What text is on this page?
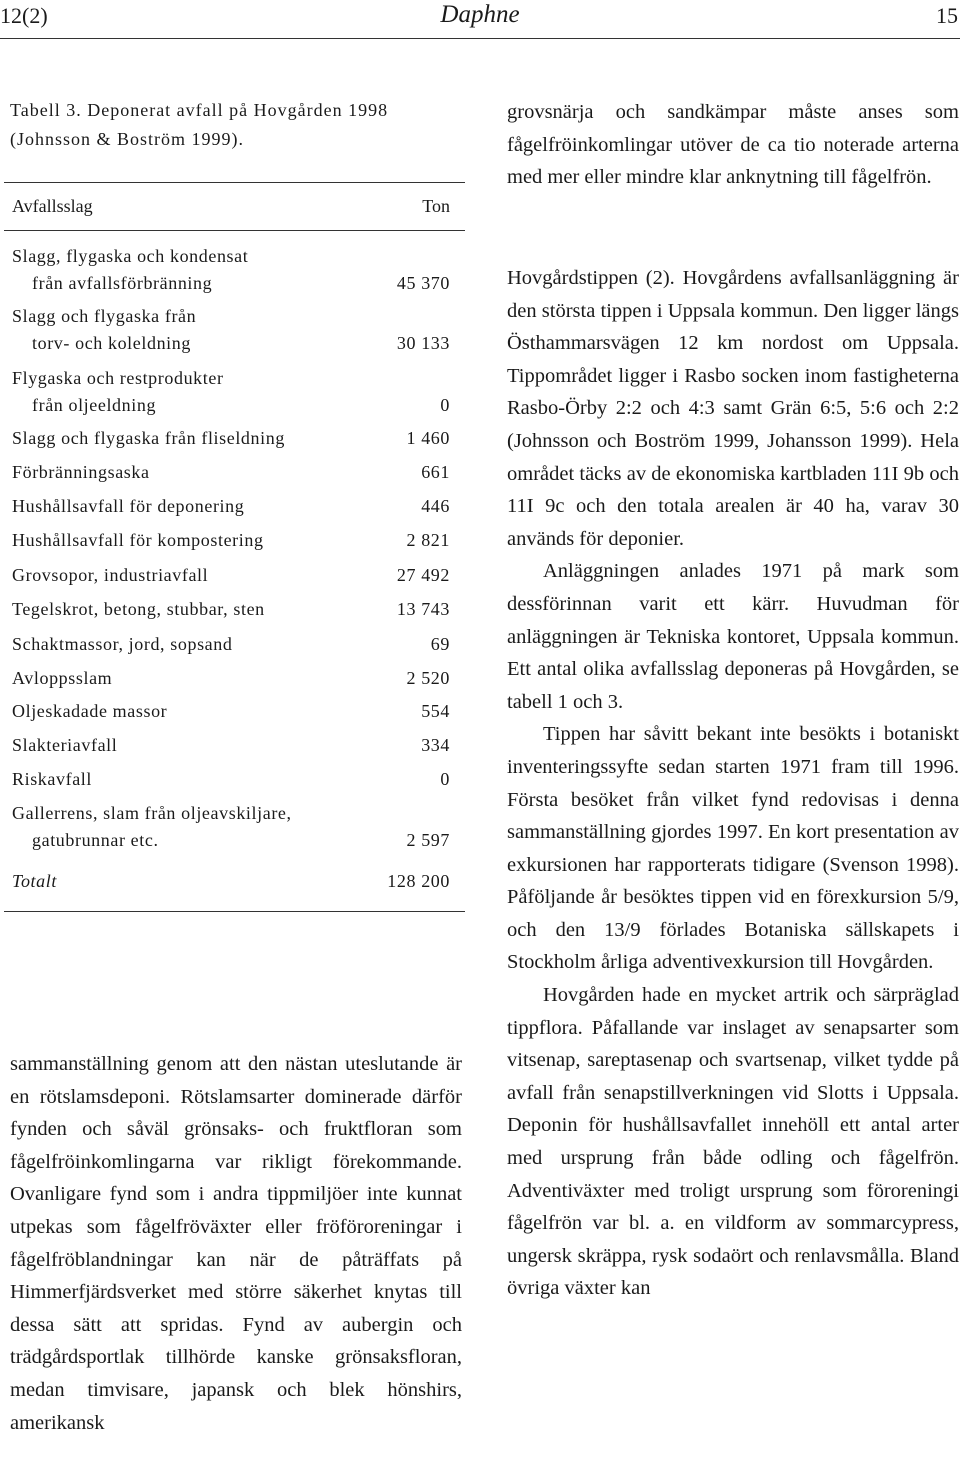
12(2)	Daphne	15
Tabell 3. Deponerat avfall på Hovgården 1998 (Johnsson & Boström 1999).
Avfallsslag	Ton
Slagg, flygaska och kondensat
från avfallsförbränning	45 370
Slagg och flygaska från
torv- och koleldning	30 133
Flygaska och restprodukter
från oljeeldning	0
Slagg och flygaska från fliseldning	1 460
Förbränningsaska	661
Hushållsavfall för deponering	446
Hushållsavfall för kompostering	2 821
Grovsopor, industriavfall	27 492
Tegelskrot, betong, stubbar, sten	13 743
Schaktmassor, jord, sopsand	69
Avloppsslam	2 520
Oljeskadade massor	554
Slakteriavfall	334
Riskavfall	0
Gallerrens, slam från oljeavskiljare,
gatubrunnar etc.	2 597
Totalt	128 200

sammanställning genom att den nästan uteslutande är en rötslamsdeponi. Rötslamsarter dominerade därför fynden och såväl grönsaks- och fruktfloran som fågelfröinkomlingarna var rikligt förekommande. Ovanligare fynd som i andra tippmiljöer inte kunnat utpekas som fågelfröväxter eller fröföroreningar i fågelfröblandningar kan när de påträffats på Himmerfjärdsverket med större säkerhet knytas till dessa sätt att spridas. Fynd av aubergin och trädgårdsportlak tillhörde kanske grönsaksfloran, medan timvisare, japansk och blek hönshirs, amerikansk

grovsnärja och sandkämpar måste anses som fågelfröinkomlingar utöver de ca tio noterade arterna med mer eller mindre klar anknytning till fågelfrön.

Hovgårdstippen (2). Hovgårdens avfallsanläggning är den största tippen i Uppsala kommun. Den ligger längs Östhammarsvägen 12 km nordost om Uppsala. Tippområdet ligger i Rasbo socken inom fastigheterna Rasbo-Örby 2:2 och 4:3 samt Grän 6:5, 5:6 och 2:2 (Johnsson och Boström 1999, Johansson 1999). Hela området täcks av de ekonomiska kartbladen 11I 9b och 11I 9c och den totala arealen är 40 ha, varav 30 används för deponier.

Anläggningen anlades 1971 på mark som dessförinnan varit ett kärr. Huvudman för anläggningen är Tekniska kontoret, Uppsala kommun. Ett antal olika avfallsslag deponeras på Hovgården, se tabell 1 och 3.

Tippen har såvitt bekant inte besökts i botaniskt inventeringssyfte sedan starten 1971 fram till 1996. Första besöket från vilket fynd redovisas i denna sammanställning gjordes 1997. En kort presentation av exkursionen har rapporterats tidigare (Svenson 1998). Påföljande år besöktes tippen vid en förexkursion 5/9, och den 13/9 förlades Botaniska sällskapets i Stockholm årliga adventivexkursion till Hovgården.

Hovgården hade en mycket artrik och särpräglad tippflora. Påfallande var inslaget av senapsarter som vitsenap, sareptasenap och svartsenap, vilket tydde på avfall från senapstillverkningen vid Slotts i Uppsala. Deponin för hushållsavfallet innehöll ett antal arter med ursprung från både odling och fågelfrön. Adventiväxter med troligt ursprung som föroreningi fågelfrön var bl. a. en vildform av sommarcypress, ungersk skräppa, rysk sodaört och renlavsmålla. Bland övriga växter kan
